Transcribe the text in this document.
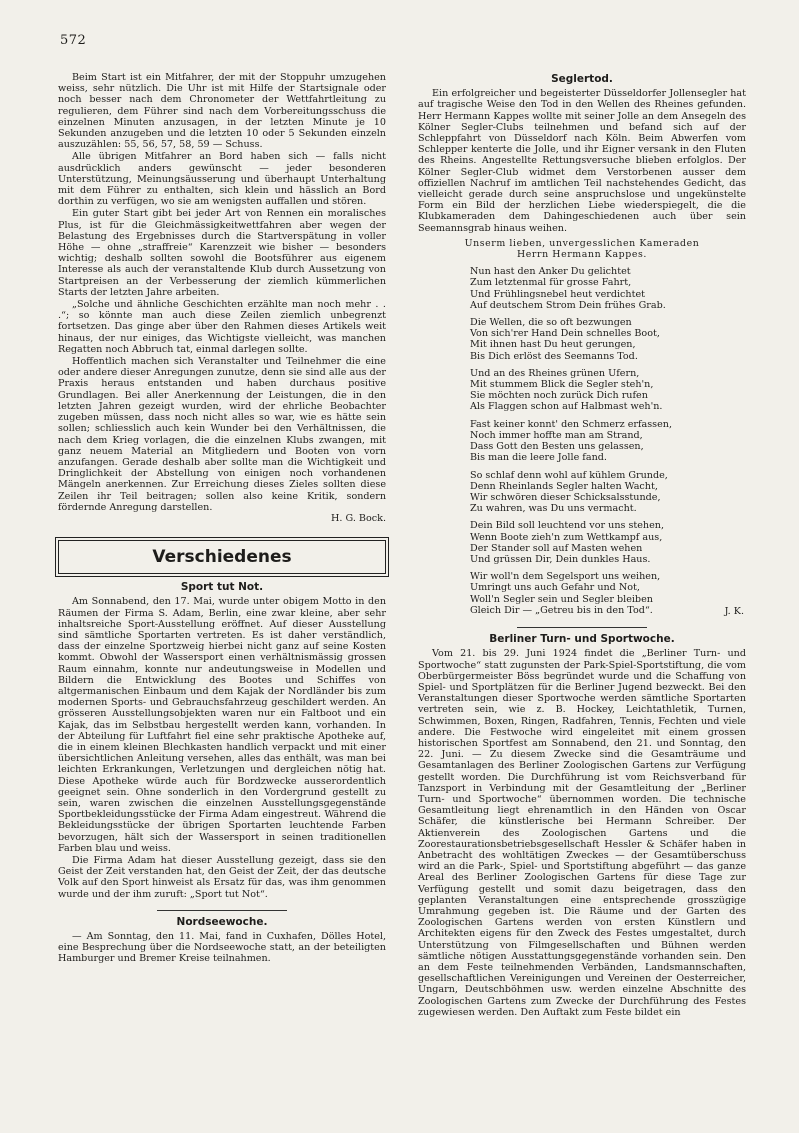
572

Beim Start ist ein Mitfahrer, der mit der Stoppuhr umzugehen weiss, sehr nützlich. Die Uhr ist mit Hilfe der Startsignale oder noch besser nach dem Chronometer der Wettfahrtleitung zu regulieren, dem Führer sind nach dem Vorbereitungsschuss die einzelnen Minuten anzusagen, in der letzten Minute je 10 Sekunden anzugeben und die letzten 10 oder 5 Sekunden einzeln auszuzählen: 55, 56, 57, 58, 59 — Schuss.

Alle übrigen Mitfahrer an Bord haben sich — falls nicht ausdrücklich anders gewünscht — jeder besonderen Unterstützung, Meinungsäusserung und überhaupt Unterhaltung mit dem Führer zu enthalten, sich klein und hässlich an Bord dorthin zu verfügen, wo sie am wenigsten auffallen und stören.

Ein guter Start gibt bei jeder Art von Rennen ein moralisches Plus, ist für die Gleichmässigkeitwettfahren aber wegen der Belastung des Ergebnisses durch die Startverspätung in voller Höhe — ohne „straffreie“ Karenzzeit wie bisher — besonders wichtig; deshalb sollten sowohl die Bootsführer aus eigenem Interesse als auch der veranstaltende Klub durch Aussetzung von Startpreisen an der Verbesserung der ziemlich kümmerlichen Starts der letzten Jahre arbeiten.

„Solche und ähnliche Geschichten erzählte man noch mehr . . .“; so könnte man auch diese Zeilen ziemlich unbegrenzt fortsetzen. Das ginge aber über den Rahmen dieses Artikels weit hinaus, der nur einiges, das Wichtigste vielleicht, was manchen Regatten noch Abbruch tat, einmal darlegen sollte.

Hoffentlich machen sich Veranstalter und Teilnehmer die eine oder andere dieser Anregungen zunutze, denn sie sind alle aus der Praxis heraus entstanden und haben durchaus positive Grundlagen. Bei aller Anerkennung der Leistungen, die in den letzten Jahren gezeigt wurden, wird der ehrliche Beobachter zugeben müssen, dass noch nicht alles so war, wie es hätte sein sollen; schliesslich auch kein Wunder bei den Verhältnissen, die nach dem Krieg vorlagen, die die einzelnen Klubs zwangen, mit ganz neuem Material an Mitgliedern und Booten von vorn anzufangen. Gerade deshalb aber sollte man die Wichtigkeit und Dringlichkeit der Abstellung von einigen noch vorhandenen Mängeln anerkennen. Zur Erreichung dieses Zieles sollten diese Zeilen ihr Teil beitragen; sollen also keine Kritik, sondern fördernde Anregung darstellen.

H. G. Bock.
Verschiedenes
Sport tut Not.

Am Sonnabend, den 17. Mai, wurde unter obigem Motto in den Räumen der Firma S. Adam, Berlin, eine zwar kleine, aber sehr inhaltsreiche Sport-Ausstellung eröffnet. Auf dieser Ausstellung sind sämtliche Sportarten vertreten. Es ist daher verständlich, dass der einzelne Sportzweig hierbei nicht ganz auf seine Kosten kommt. Obwohl der Wassersport einen verhältnismässig grossen Raum einnahm, konnte nur andeutungsweise in Modellen und Bildern die Entwicklung des Bootes und Schiffes von altgermanischen Einbaum und dem Kajak der Nordländer bis zum modernen Sports- und Gebrauchsfahrzeug geschildert werden. An grösseren Ausstellungsobjekten waren nur ein Faltboot und ein Kajak, das im Selbstbau hergestellt werden kann, vorhanden. In der Abteilung für Luftfahrt fiel eine sehr praktische Apotheke auf, die in einem kleinen Blechkasten handlich verpackt und mit einer übersichtlichen Anleitung versehen, alles das enthält, was man bei leichten Erkrankungen, Verletzungen und dergleichen nötig hat. Diese Apotheke würde auch für Bordzwecke ausserordentlich geeignet sein. Ohne sonderlich in den Vordergrund gestellt zu sein, waren zwischen die einzelnen Ausstellungsgegenstände Sportbekleidungsstücke der Firma Adam eingestreut. Während die Bekleidungsstücke der übrigen Sportarten leuchtende Farben bevorzugen, hält sich der Wassersport in seinen traditionellen Farben blau und weiss.

Die Firma Adam hat dieser Ausstellung gezeigt, dass sie den Geist der Zeit verstanden hat, den Geist der Zeit, der das deutsche Volk auf den Sport hinweist als Ersatz für das, was ihm genommen wurde und der ihm zuruft: „Sport tut Not“.

Nordseewoche.

— Am Sonntag, den 11. Mai, fand in Cuxhafen, Dölles Hotel, eine Besprechung über die Nordseewoche statt, an der beteiligten Hamburger und Bremer Kreise teilnahmen.

Seglertod.

Ein erfolgreicher und begeisterter Düsseldorfer Jollensegler hat auf tragische Weise den Tod in den Wellen des Rheines gefunden. Herr Hermann Kappes wollte mit seiner Jolle an dem Ansegeln des Kölner Segler-Clubs teilnehmen und befand sich auf der Schleppfahrt von Düsseldorf nach Köln. Beim Abwerfen vom Schlepper kenterte die Jolle, und ihr Eigner versank in den Fluten des Rheins. Angestellte Rettungsversuche blieben erfolglos. Der Kölner Segler-Club widmet dem Verstorbenen ausser dem offiziellen Nachruf im amtlichen Teil nachstehendes Gedicht, das vielleicht gerade durch seine anspruchslose und ungekünstelte Form ein Bild der herzlichen Liebe wiederspiegelt, die die Klubkameraden dem Dahingeschiedenen auch über sein Seemannsgrab hinaus weihen.

Unserm lieben, unvergesslichen Kameraden
Herrn Hermann Kappes.
Nun hast den Anker Du gelichtet
Zum letztenmal für grosse Fahrt,
Und Frühlingsnebel heut verdichtet
Auf deutschem Strom Dein frühes Grab.
Die Wellen, die so oft bezwungen
Von sich'rer Hand Dein schnelles Boot,
Mit ihnen hast Du heut gerungen,
Bis Dich erlöst des Seemanns Tod.
Und an des Rheines grünen Ufern,
Mit stummem Blick die Segler steh'n,
Sie möchten noch zurück Dich rufen
Als Flaggen schon auf Halbmast weh'n.
Fast keiner konnt' den Schmerz erfassen,
Noch immer hoffte man am Strand,
Dass Gott den Besten uns gelassen,
Bis man die leere Jolle fand.
So schlaf denn wohl auf kühlem Grunde,
Denn Rheinlands Segler halten Wacht,
Wir schwören dieser Schicksalsstunde,
Zu wahren, was Du uns vermacht.
Dein Bild soll leuchtend vor uns stehen,
Wenn Boote zieh'n zum Wettkampf aus,
Der Stander soll auf Masten wehen
Und grüssen Dir, Dein dunkles Haus.
Wir woll'n dem Segelsport uns weihen,
Umringt uns auch Gefahr und Not,
Woll'n Segler sein und Segler bleiben
Gleich Dir — „Getreu bis in den Tod“.	J. K.
Berliner Turn- und Sportwoche.

Vom 21. bis 29. Juni 1924 findet die „Berliner Turn- und Sportwoche“ statt zugunsten der Park-Spiel-Sportstiftung, die vom Oberbürgermeister Böss begründet wurde und die Schaffung von Spiel- und Sportplätzen für die Berliner Jugend bezweckt. Bei den Veranstaltungen dieser Sportwoche werden sämtliche Sportarten vertreten sein, wie z. B. Hockey, Leichtathletik, Turnen, Schwimmen, Boxen, Ringen, Radfahren, Tennis, Fechten und viele andere. Die Festwoche wird eingeleitet mit einem grossen historischen Sportfest am Sonnabend, den 21. und Sonntag, den 22. Juni. — Zu diesem Zwecke sind die Gesamträume und Gesamtanlagen des Berliner Zoologischen Gartens zur Verfügung gestellt worden. Die Durchführung ist vom Reichsverband für Tanzsport in Verbindung mit der Gesamtleitung der „Berliner Turn- und Sportwoche“ übernommen worden. Die technische Gesamtleitung liegt ehrenamtlich in den Händen von Oscar Schäfer, die künstlerische bei Hermann Schreiber. Der Aktienverein des Zoologischen Gartens und die Zoorestaurationsbetriebsgesellschaft Hessler & Schäfer haben in Anbetracht des wohltätigen Zweckes — der Gesamtüberschuss wird an die Park-, Spiel- und Sportstiftung abgeführt — das ganze Areal des Berliner Zoologischen Gartens für diese Tage zur Verfügung gestellt und somit dazu beigetragen, dass den geplanten Veranstaltungen eine entsprechende grosszügige Umrahmung gegeben ist. Die Räume und der Garten des Zoologischen Gartens werden von ersten Künstlern und Architekten eigens für den Zweck des Festes umgestaltet, durch Unterstützung von Filmgesellschaften und Bühnen werden sämtliche nötigen Ausstattungsgegenstände vorhanden sein. Den an dem Feste teilnehmenden Verbänden, Landsmannschaften, gesellschaftlichen Vereinigungen und Vereinen der Oesterreicher, Ungarn, Deutschböhmen usw. werden einzelne Abschnitte des Zoologischen Gartens zum Zwecke der Durchführung des Festes zugewiesen werden. Den Auftakt zum Feste bildet ein
